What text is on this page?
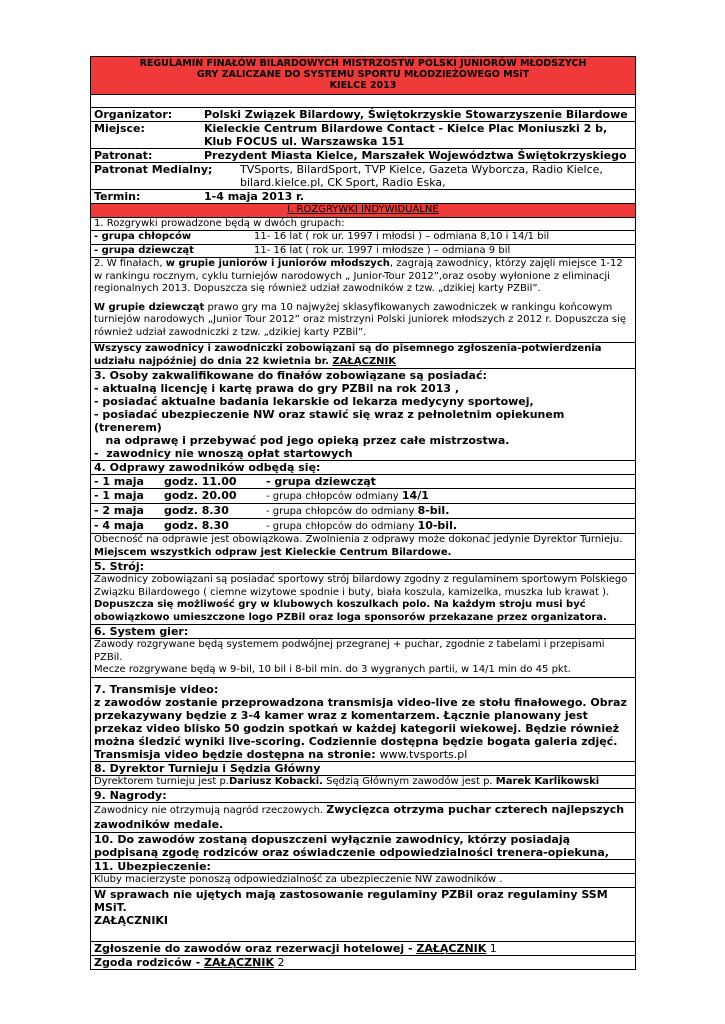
REGULAMIN FINAŁÓW BILARDOWYCH MISTRZOSTW POLSKI JUNIORÓW MŁODSZYCH
GRY ZALICZANE DO SYSTEMU SPORTU MŁODZIEŻOWEGO MSiT
KIELCE 2013
Organizator:	Polski Związek Bilardowy, Świętokrzyskie Stowarzyszenie Bilardowe
Miejsce:	Kieleckie Centrum Bilardowe Contact - Kielce Plac Moniuszki 2 b,
Klub FOCUS ul. Warszawska 151
Patronat:	Prezydent Miasta Kielce, Marszałek Województwa Świętokrzyskiego
Patronat Medialny;	TVSports, BilardSport, TVP Kielce, Gazeta Wyborcza, Radio Kielce,
bilard.kielce.pl, CK Sport, Radio Eska,
Termin:	1-4 maja 2013 r.
I. ROZGRYWKI INDYWIDUALNE
1. Rozgrywki prowadzone będą w dwóch grupach:
- grupa chłopców	11- 16 lat ( rok ur. 1997 i młodsi ) – odmiana 8,10 i 14/1 bil
- grupa dziewcząt	11- 16 lat ( rok ur. 1997 i młodsze ) – odmiana 9 bil
2. W finałach, w grupie juniorów i juniorów młodszych, zagrają zawodnicy, którzy zajęli miejsce 1-12 w rankingu rocznym, cyklu turniejów narodowych „ Junior-Tour 2012”,oraz osoby wyłonione z eliminacji regionalnych 2013. Dopuszcza się również udział zawodników z tzw. „dzikiej karty PZBil”.
W grupie dziewcząt prawo gry ma 10 najwyżej sklasyfikowanych zawodniczek w rankingu końcowym turniejów narodowych „Junior Tour 2012” oraz mistrzyni Polski juniorek młodszych z 2012 r. Dopuszcza się również udział zawodniczki z tzw. „dzikiej karty PZBil”.
Wszyscy zawodnicy i zawodniczki zobowiązani są do pisemnego zgłoszenia-potwierdzenia udziału najpóźniej do dnia 22 kwietnia br. ZAŁĄCZNIK
3. Osoby zakwalifikowane do finałów zobowiązane są posiadać:
- aktualną licencję i kartę prawa do gry PZBil na rok 2013 ,
- posiadać aktualne badania lekarskie od lekarza medycyny sportowej,
- posiadać ubezpieczenie NW oraz stawić się wraz z pełnoletnim opiekunem (trenerem)
na odprawę i przebywać pod jego opieką przez całe mistrzostwa.
-  zawodnicy nie wnoszą opłat startowych
4. Odprawy zawodników odbędą się:
- 1 maja	godz. 11.00	- grupa dziewcząt
- 1 maja	godz. 20.00	- grupa chłopców odmiany 14/1
- 2 maja	godz. 8.30	- grupa chłopców do odmiany 8-bil.
- 4 maja	godz. 8.30	- grupa chłopców do odmiany 10-bil.
Obecność na odprawie jest obowiązkowa. Zwolnienia z odprawy może dokonać jedynie Dyrektor Turnieju.
Miejscem wszystkich odpraw jest Kieleckie Centrum Bilardowe.
5. Strój:
Zawodnicy zobowiązani są posiadać sportowy strój bilardowy zgodny z regulaminem sportowym Polskiego Związku Bilardowego ( ciemne wizytowe spodnie i buty, biała koszula, kamizelka, muszka lub krawat ).
Dopuszcza się możliwość gry w klubowych koszulkach polo. Na każdym stroju musi być obowiązkowo umieszczone logo PZBil oraz loga sponsorów przekazane przez organizatora.
6. System gier:
Zawody rozgrywane będą systemem podwójnej przegranej + puchar, zgodnie z tabelami i przepisami PZBil.
Mecze rozgrywane będą w 9-bil, 10 bil i 8-bil min. do 3 wygranych partii, w 14/1 min do 45 pkt.
7. Transmisje video:
z zawodów zostanie przeprowadzona transmisja video-live ze stołu finałowego. Obraz przekazywany będzie z 3-4 kamer wraz z komentarzem. Łącznie planowany jest przekaz video blisko 50 godzin spotkań w każdej kategorii wiekowej. Będzie również można śledzić wyniki live-scoring. Codziennie dostępna będzie bogata galeria zdjęć.
Transmisja video będzie dostępna na stronie: www.tvsports.pl
8. Dyrektor Turnieju i Sędzia Główny
Dyrektorem turnieju jest p.Dariusz Kobacki. Sędzią Głównym zawodów jest p. Marek Karlikowski
9. Nagrody:
Zawodnicy nie otrzymują nagród rzeczowych. Zwycięzca otrzyma puchar czterech najlepszych zawodników medale.
10. Do zawodów zostaną dopuszczeni wyłącznie zawodnicy, którzy posiadają podpisaną zgodę rodziców oraz oświadczenie odpowiedzialności trenera-opiekuna,
11. Ubezpieczenie:
Kluby macierzyste ponoszą odpowiedzialność za ubezpieczenie NW zawodników .
W sprawach nie ujętych mają zastosowanie regulaminy PZBil oraz regulaminy SSM MSiT.
ZAŁĄCZNIKI
Zgłoszenie do zawodów oraz rezerwacji hotelowej - ZAŁĄCZNIK 1
Zgoda rodziców - ZAŁĄCZNIK 2
